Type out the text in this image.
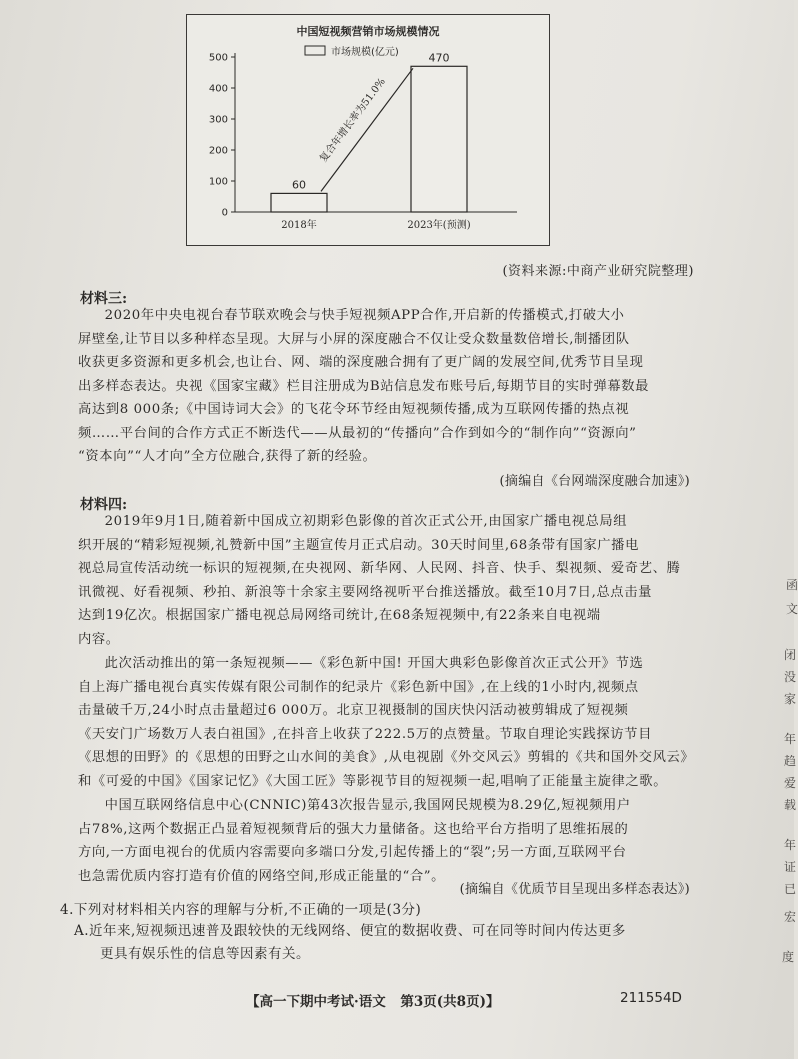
中国短视频营销市场规模情况
0
100
200
300
400
500	市场规模(亿元)
60
2018年
470
2023年(预测)
复合年增长率为51.0%
(资料来源:中商产业研究院整理)
材料三:
2020年中央电视台春节联欢晚会与快手短视频APP合作,开启新的传播模式,打破大小
屏壁垒,让节目以多种样态呈现。大屏与小屏的深度融合不仅让受众数量数倍增长,制播团队
收获更多资源和更多机会,也让台、网、端的深度融合拥有了更广阔的发展空间,优秀节目呈现
出多样态表达。央视《国家宝藏》栏目注册成为B站信息发布账号后,每期节目的实时弹幕数最
高达到8 000条;《中国诗词大会》的飞花令环节经由短视频传播,成为互联网传播的热点视
频……平台间的合作方式正不断迭代——从最初的“传播向”合作到如今的“制作向”“资源向”
“资本向”“人才向”全方位融合,获得了新的经验。
(摘编自《台网端深度融合加速》)
材料四:
2019年9月1日,随着新中国成立初期彩色影像的首次正式公开,由国家广播电视总局组
织开展的“精彩短视频,礼赞新中国”主题宣传月正式启动。30天时间里,68条带有国家广播电
视总局宣传活动统一标识的短视频,在央视网、新华网、人民网、抖音、快手、梨视频、爱奇艺、腾
讯微视、好看视频、秒拍、新浪等十余家主要网络视听平台推送播放。截至10月7日,总点击量
达到19亿次。根据国家广播电视总局网络司统计,在68条短视频中,有22条来自电视端
内容。
此次活动推出的第一条短视频——《彩色新中国! 开国大典彩色影像首次正式公开》节选
自上海广播电视台真实传媒有限公司制作的纪录片《彩色新中国》,在上线的1小时内,视频点
击量破千万,24小时点击量超过6 000万。北京卫视摄制的国庆快闪活动被剪辑成了短视频
《天安门广场数万人表白祖国》,在抖音上收获了222.5万的点赞量。节取自理论实践探访节目
《思想的田野》的《思想的田野之山水间的美食》,从电视剧《外交风云》剪辑的《共和国外交风云》
和《可爱的中国》《国家记忆》《大国工匠》等影视节目的短视频一起,唱响了正能量主旋律之歌。
中国互联网络信息中心(CNNIC)第43次报告显示,我国网民规模为8.29亿,短视频用户
占78%,这两个数据正凸显着短视频背后的强大力量储备。这也给平台方指明了思维拓展的
方向,一方面电视台的优质内容需要向多端口分发,引起传播上的“裂”;另一方面,互联网平台
也急需优质内容打造有价值的网络空间,形成正能量的“合”。
(摘编自《优质节目呈现出多样态表达》)
4.下列对材料相关内容的理解与分析,不正确的一项是(3分)
A.近年来,短视频迅速普及跟较快的无线网络、便宜的数据收费、可在同等时间内传达更多
更具有娱乐性的信息等因素有关。
【高一下期中考试·语文 第3页(共8页)】	211554D
函
文
闭
没
家
年
趋
爱
载
年
证
已
宏
度
